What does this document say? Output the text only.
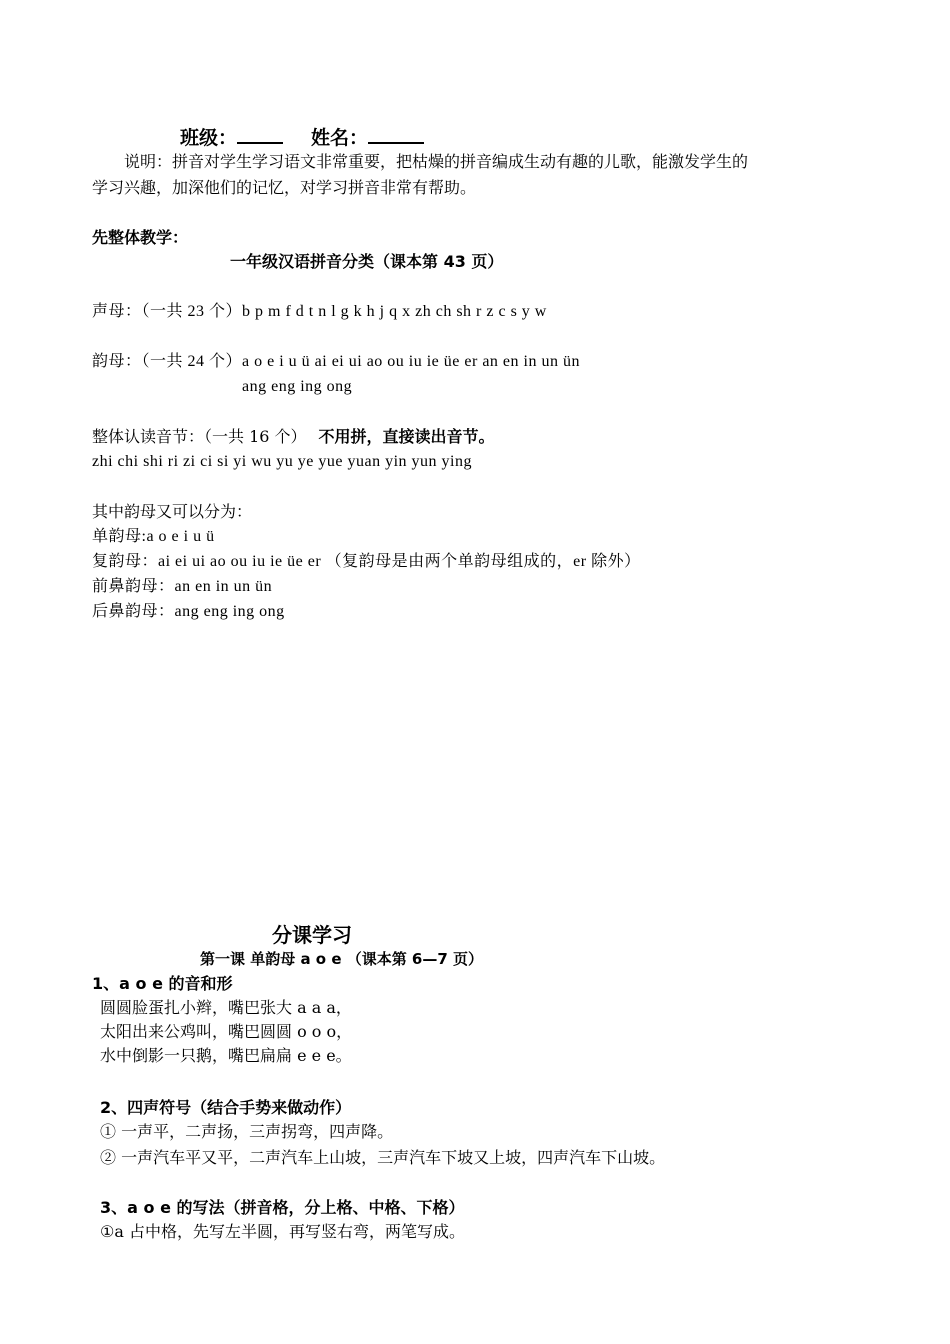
班级：	姓名：
说明：拼音对学生学习语文非常重要，把枯燥的拼音编成生动有趣的儿歌，能激发学生的
学习兴趣，加深他们的记忆，对学习拼音非常有帮助。
先整体教学：
一年级汉语拼音分类（课本第 43 页）
声母：（一共 23 个）b p m f d t n l g k h j q x zh ch sh r z c s y w
韵母：（一共 24 个）a o e i u ü ai ei ui ao ou iu ie üe er an en in un ün
ang eng ing ong
整体认读音节：（一共 16 个） 不用拼，直接读出音节。
zhi chi shi ri zi ci si yi wu yu ye yue yuan yin yun ying
其中韵母又可以分为：
单韵母:a o e i u ü
复韵母：ai ei ui ao ou iu ie üe er （复韵母是由两个单韵母组成的，er 除外）
前鼻韵母：an en in un ün
后鼻韵母：ang eng ing ong
分课学习
第一课 单韵母 a o e （课本第 6—7 页）
1、a o e 的音和形
圆圆脸蛋扎小辫，嘴巴张大 a a a，
太阳出来公鸡叫，嘴巴圆圆 o o o，
水中倒影一只鹅，嘴巴扁扁 e e e。
2、四声符号（结合手势来做动作）
① 一声平，二声扬，三声拐弯，四声降。
② 一声汽车平又平，二声汽车上山坡，三声汽车下坡又上坡，四声汽车下山坡。
3、a o e 的写法（拼音格，分上格、中格、下格）
①a 占中格，先写左半圆，再写竖右弯，两笔写成。
